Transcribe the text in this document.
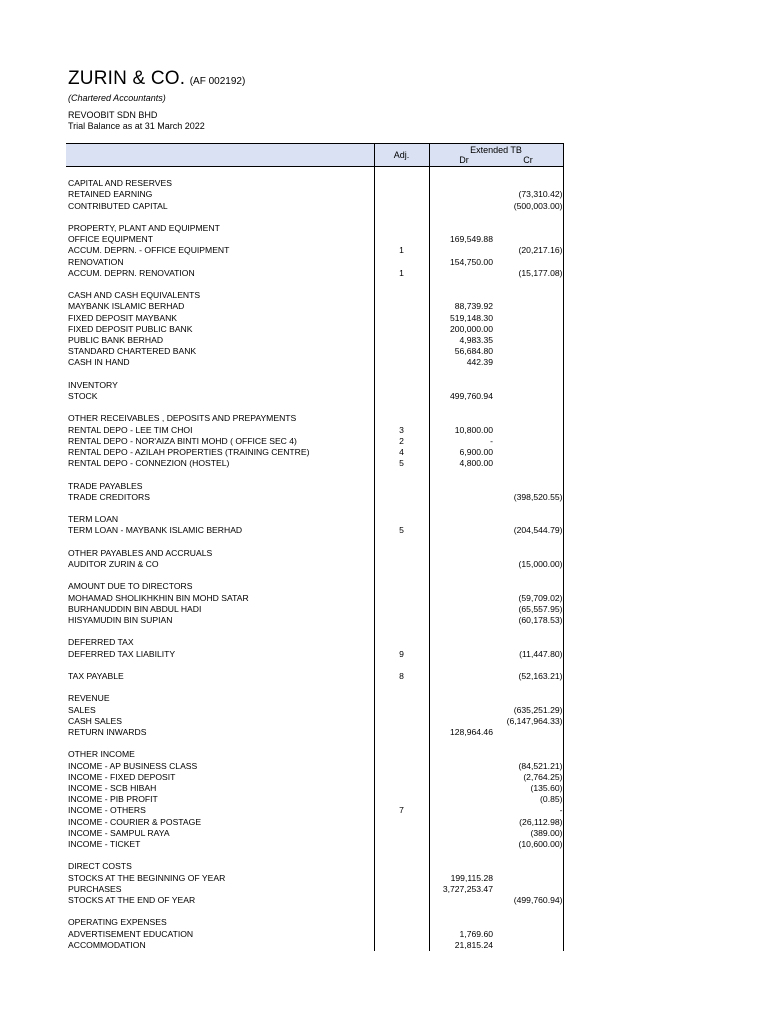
ZURIN & CO. (AF 002192)
(Chartered Accountants)
REVOOBIT SDN BHD
Trial Balance as at 31 March 2022
	Adj.	Extended TB
Dr Cr	

CAPITAL AND RESERVES			
RETAINED EARNING			(73,310.42)
CONTRIBUTED CAPITAL			(500,003.00)

PROPERTY, PLANT AND EQUIPMENT			
OFFICE EQUIPMENT		169,549.88	
ACCUM. DEPRN. - OFFICE EQUIPMENT	1		(20,217.16)
RENOVATION		154,750.00	
ACCUM. DEPRN. RENOVATION	1		(15,177.08)

CASH AND CASH EQUIVALENTS			
MAYBANK ISLAMIC BERHAD		88,739.92	
FIXED DEPOSIT MAYBANK		519,148.30	
FIXED DEPOSIT PUBLIC BANK		200,000.00	
PUBLIC BANK BERHAD		4,983.35	
STANDARD CHARTERED BANK		56,684.80	
CASH IN HAND		442.39	

INVENTORY			
STOCK		499,760.94	

OTHER RECEIVABLES , DEPOSITS AND PREPAYMENTS			
RENTAL DEPO - LEE TIM CHOI	3	10,800.00	
RENTAL DEPO - NOR'AIZA BINTI MOHD ( OFFICE SEC 4)	2	-	
RENTAL DEPO - AZILAH PROPERTIES (TRAINING CENTRE)	4	6,900.00	
RENTAL DEPO - CONNEZION (HOSTEL)	5	4,800.00	

TRADE PAYABLES			
TRADE CREDITORS			(398,520.55)

TERM LOAN			
TERM LOAN - MAYBANK ISLAMIC BERHAD	5		(204,544.79)

OTHER PAYABLES AND ACCRUALS			
AUDITOR ZURIN & CO			(15,000.00)

AMOUNT DUE TO DIRECTORS			
MOHAMAD SHOLIKHKHIN BIN MOHD SATAR			(59,709.02)
BURHANUDDIN BIN ABDUL HADI			(65,557.95)
HISYAMUDIN BIN SUPIAN			(60,178.53)

DEFERRED TAX			
DEFERRED TAX LIABILITY	9		(11,447.80)

TAX PAYABLE	8		(52,163.21)

REVENUE			
SALES			(635,251.29)
CASH SALES			(6,147,964.33)
RETURN INWARDS		128,964.46	

OTHER INCOME			
INCOME - AP BUSINESS CLASS			(84,521.21)
INCOME - FIXED DEPOSIT			(2,764.25)
INCOME - SCB HIBAH			(135.60)
INCOME - PIB PROFIT			(0.85)
INCOME - OTHERS	7		-
INCOME - COURIER & POSTAGE			(26,112.98)
INCOME - SAMPUL RAYA			(389.00)
INCOME - TICKET			(10,600.00)

DIRECT COSTS			
STOCKS AT THE BEGINNING OF YEAR		199,115.28	
PURCHASES		3,727,253.47	
STOCKS AT THE END OF YEAR			(499,760.94)

OPERATING EXPENSES			
ADVERTISEMENT EDUCATION		1,769.60	
ACCOMMODATION		21,815.24	
